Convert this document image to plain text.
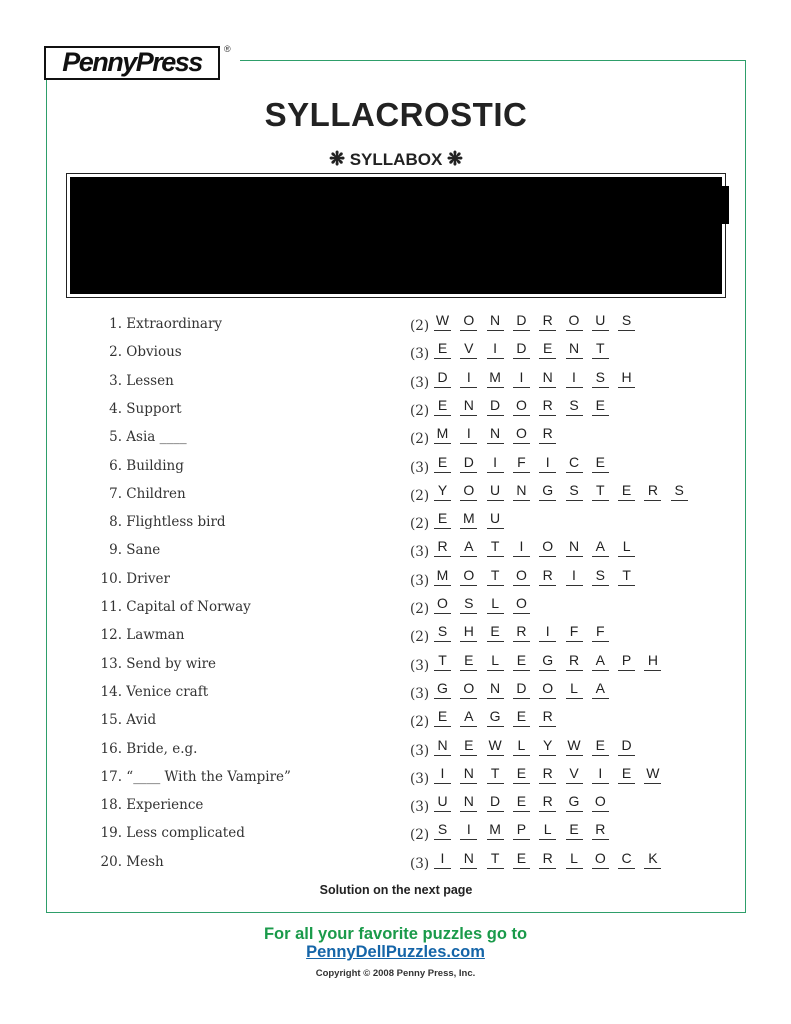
PennyPress	®
SYLLACROSTIC
❋ SYLLABOX ❋
1. Extraordinary	(2) W O N D R O U S
2. Obvious	(3) E V	I	D E N	T
3. Lessen	(3) D	I	M	I	N	I	S H
4. Support	(2) E N D O R S E
5. Asia ____	(2) M	I	N O R
6. Building	(3) E D	I	F	I	C E
7. Children	(2) Y O U N G S	T	E R S
8. Flightless bird	(2) E M U
9. Sane	(3) R A	T	I	O N A	L
10. Driver	(3) M O	T	O R	I	S	T
11. Capital of Norway	(2) O S	L	O
12. Lawman	(2) S H E R	I	F	F
13. Send by wire	(3) T	E	L	E G R A P H
14. Venice craft	(3) G O N D O	L	A
15. Avid	(2) E A G E R
16. Bride, e.g.	(3) N E W	L	Y W E D
17. “____ With the Vampire”	(3) I	N	T	E R V	I	E W
18. Experience	(3) U N D E R G O
19. Less complicated	(2) S	I	M P	L	E R
20. Mesh	(3) I	N	T	E R	L	O C K
Solution on the next page
For all your favorite puzzles go to
PennyDellPuzzles.com
Copyright © 2008 Penny Press, Inc.
